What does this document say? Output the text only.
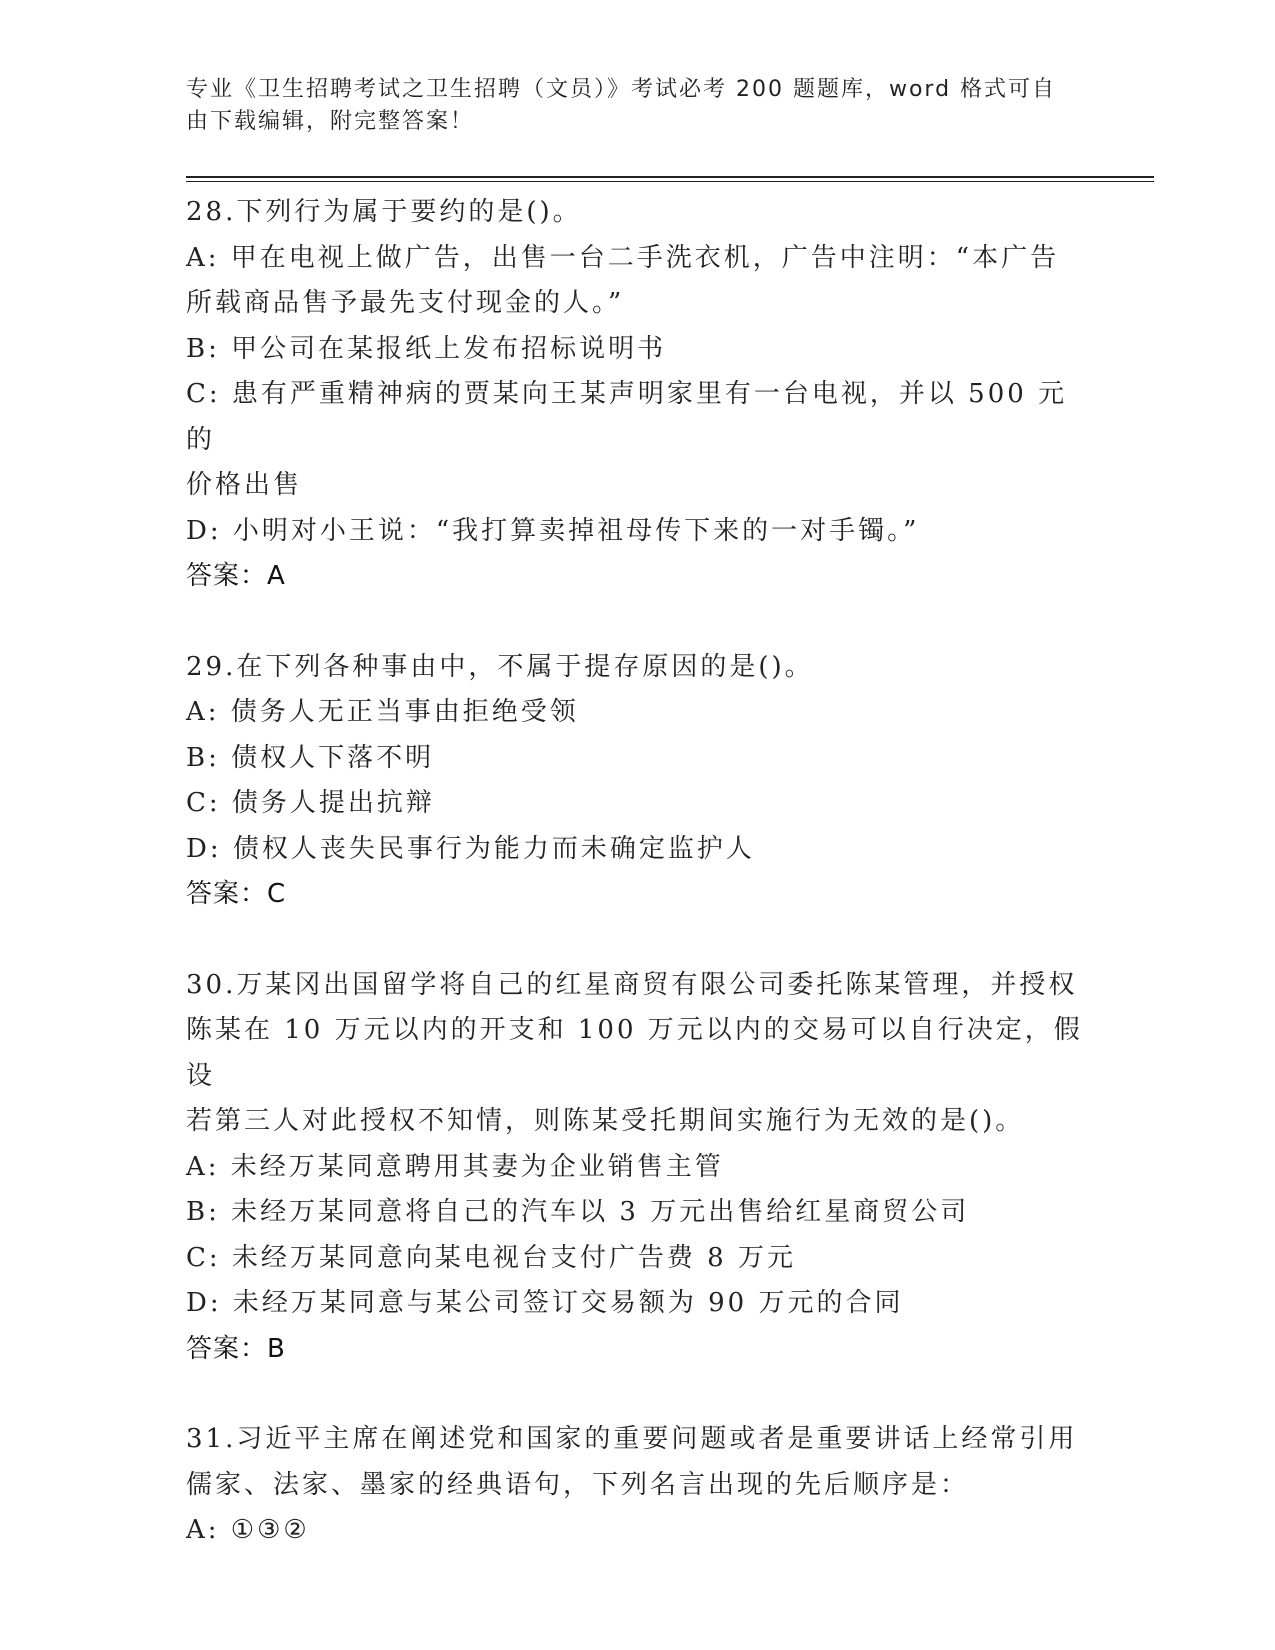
专业《卫生招聘考试之卫生招聘（文员）》考试必考 200 题题库，word 格式可自
由下载编辑，附完整答案！
28.下列行为属于要约的是()。
A: 甲在电视上做广告，出售一台二手洗衣机，广告中注明：“本广告
所载商品售予最先支付现金的人。”
B: 甲公司在某报纸上发布招标说明书
C: 患有严重精神病的贾某向王某声明家里有一台电视，并以 500 元的
价格出售
D: 小明对小王说：“我打算卖掉祖母传下来的一对手镯。”
答案：A
29.在下列各种事由中，不属于提存原因的是()。
A: 债务人无正当事由拒绝受领
B: 债权人下落不明
C: 债务人提出抗辩
D: 债权人丧失民事行为能力而未确定监护人
答案：C
30.万某冈出国留学将自己的红星商贸有限公司委托陈某管理，并授权
陈某在 10 万元以内的开支和 100 万元以内的交易可以自行决定，假设
若第三人对此授权不知情，则陈某受托期间实施行为无效的是()。
A: 未经万某同意聘用其妻为企业销售主管
B: 未经万某同意将自己的汽车以 3 万元出售给红星商贸公司
C: 未经万某同意向某电视台支付广告费 8 万元
D: 未经万某同意与某公司签订交易额为 90 万元的合同
答案：B
31.习近平主席在阐述党和国家的重要问题或者是重要讲话上经常引用
儒家、法家、墨家的经典语句，下列名言出现的先后顺序是：
A: ①③②
